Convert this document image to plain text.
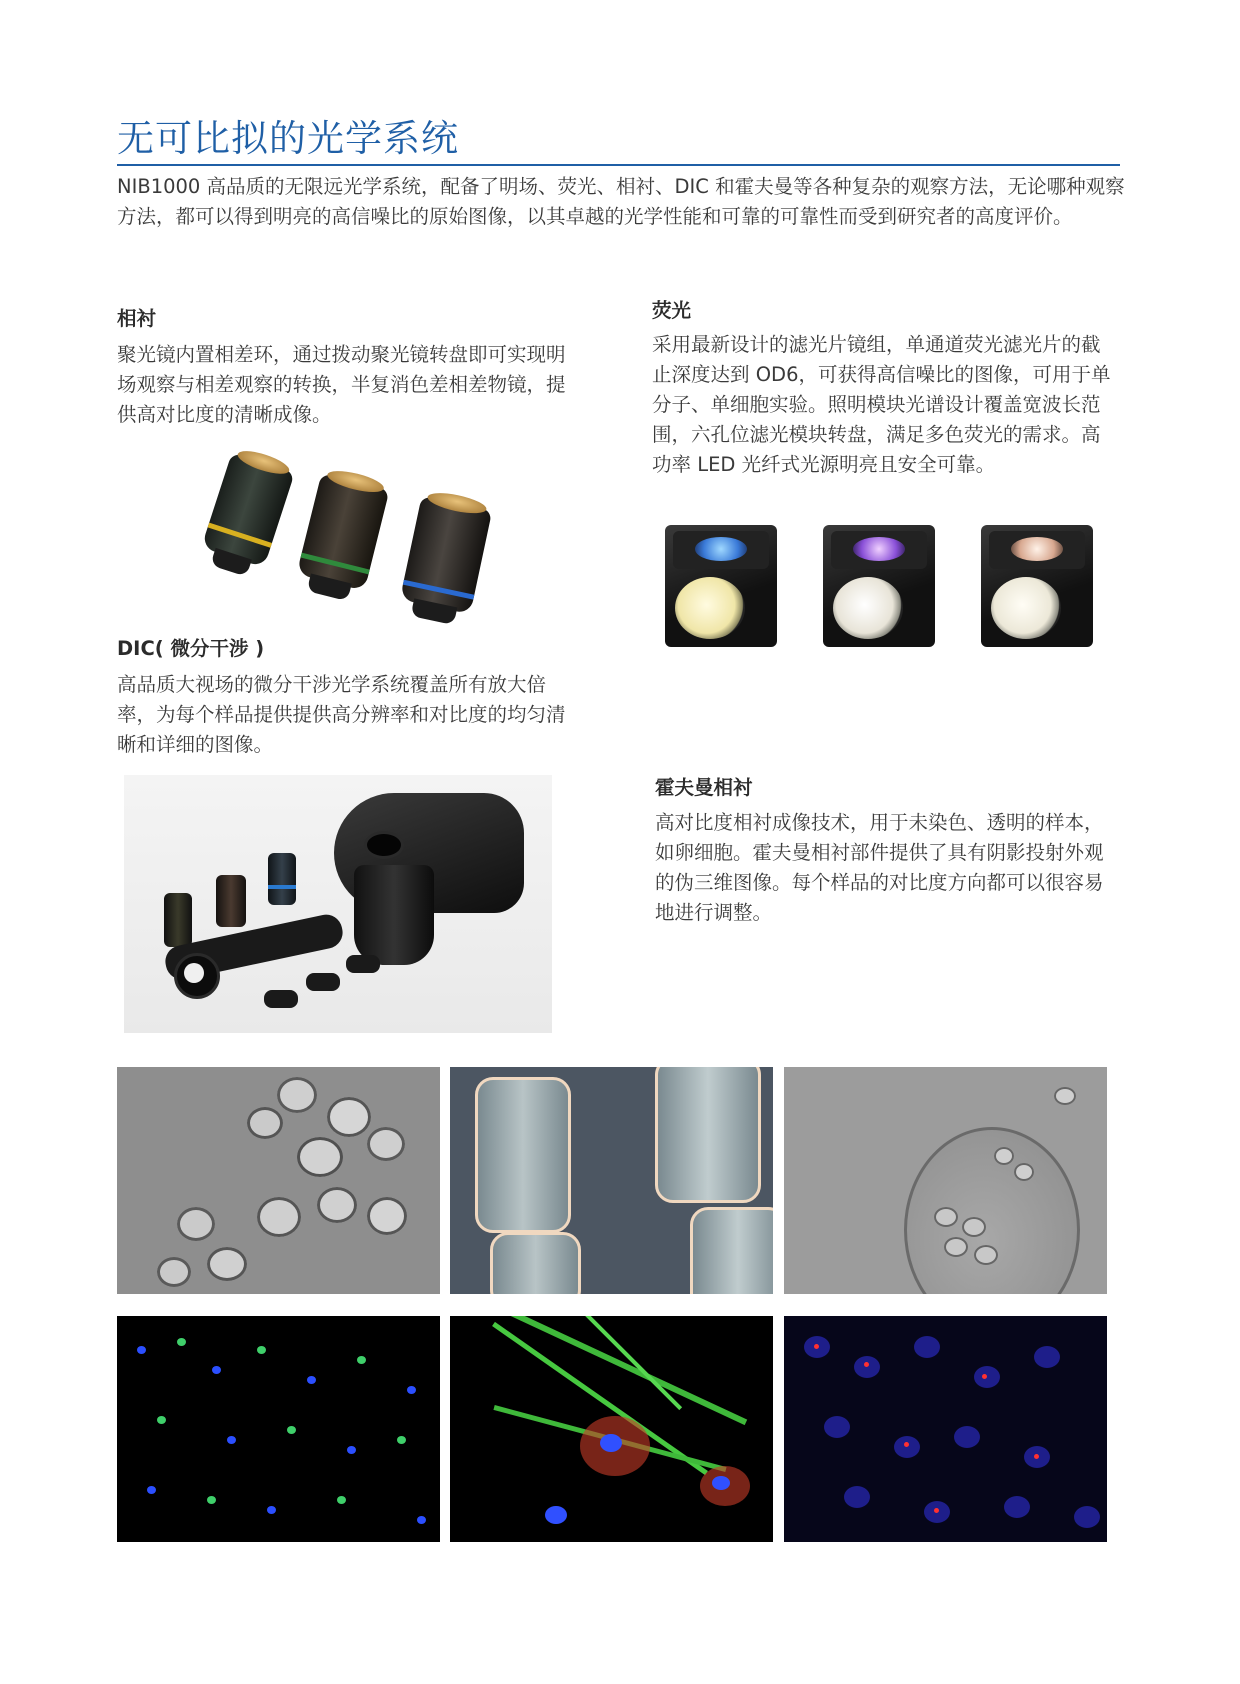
无可比拟的光学系统

NIB1000 高品质的无限远光学系统，配备了明场、荧光、相衬、DIC 和霍夫曼等各种复杂的观察方法，无论哪种观察方法，都可以得到明亮的高信噪比的原始图像，以其卓越的光学性能和可靠的可靠性而受到研究者的高度评价。

相衬

聚光镜内置相差环，通过拨动聚光镜转盘即可实现明场观察与相差观察的转换，半复消色差相差物镜，提供高对比度的清晰成像。

荧光

采用最新设计的滤光片镜组，单通道荧光滤光片的截止深度达到 OD6，可获得高信噪比的图像，可用于单分子、单细胞实验。照明模块光谱设计覆盖宽波长范围，六孔位滤光模块转盘，满足多色荧光的需求。高功率 LED 光纤式光源明亮且安全可靠。

DIC( 微分干涉 )

高品质大视场的微分干涉光学系统覆盖所有放大倍率，为每个样品提供提供高分辨率和对比度的均匀清晰和详细的图像。

霍夫曼相衬

高对比度相衬成像技术，用于未染色、透明的样本，如卵细胞。霍夫曼相衬部件提供了具有阴影投射外观的伪三维图像。每个样品的对比度方向都可以很容易地进行调整。
